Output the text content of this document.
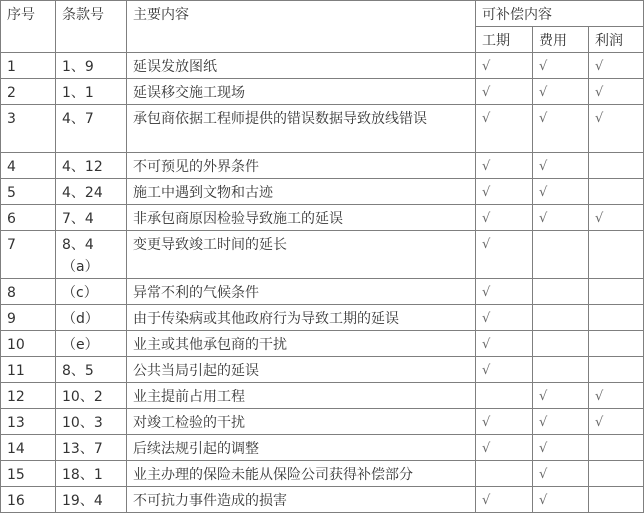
序号	条款号	主要内容	可补偿内容		
			工期	费用	利润
1	1、9	延误发放图纸	√	√	√
2	1、1	延误移交施工现场	√	√	√
3	4、7	承包商依据工程师提供的错误数据导致放线错误	√	√	√
4	4、12	不可预见的外界条件	√	√	
5	4、24	施工中遇到文物和古迹	√	√	
6	7、4	非承包商原因检验导致施工的延误	√	√	√
7	8、4（a）	变更导致竣工时间的延长	√		
8	（c）	异常不利的气候条件	√		
9	（d）	由于传染病或其他政府行为导致工期的延误	√		
10	（e）	业主或其他承包商的干扰	√		
11	8、5	公共当局引起的延误	√		
12	10、2	业主提前占用工程		√	√
13	10、3	对竣工检验的干扰	√	√	√
14	13、7	后续法规引起的调整	√	√	
15	18、1	业主办理的保险未能从保险公司获得补偿部分		√	
16	19、4	不可抗力事件造成的损害	√	√	
